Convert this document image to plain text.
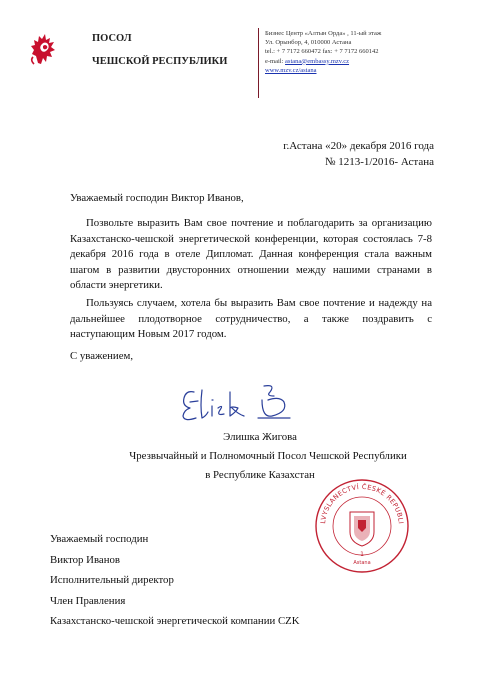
ПОСОЛ
ЧЕШСКОЙ РЕСПУБЛИКИ
Бизнес Центр «Алтын Орда» , 11-ый этаж
Ул. Орынбор, 4, 010000 Астана
tel.: + 7 7172 660472 fax: + 7 7172 660142
e-mail: astana@embassy.mzv.cz
www.mzv.cz/astana
г.Астана «20» декабря 2016 года
№ 1213-1/2016- Астана
Уважаемый господин Виктор Иванов,
Позвольте выразить Вам свое почтение и поблагодарить за организацию Казахстанско-чешской энергетической конференции, которая состоялась 7-8 декабря 2016 года в отеле Дипломат. Данная конференция стала важным шагом в развитии двусторонних отношении между нашими странами в области энергетики.
Пользуясь случаем, хотела бы выразить Вам свое почтение и надежду на дальнейшее плодотворное сотрудничество, а также поздравить с наступающим Новым 2017 годом.
С уважением,
Элишка Жигова
Чрезвычайный и Полномочный Посол Чешской Республики
в Республике Казахстан
LVYSLANECTVÍ ČESKÉ REPUBLI
1
Astana
Уважаемый господин
Виктор Иванов
Исполнительный директор
Член Правления
Казахстанско-чешской энергетической компании CZK
